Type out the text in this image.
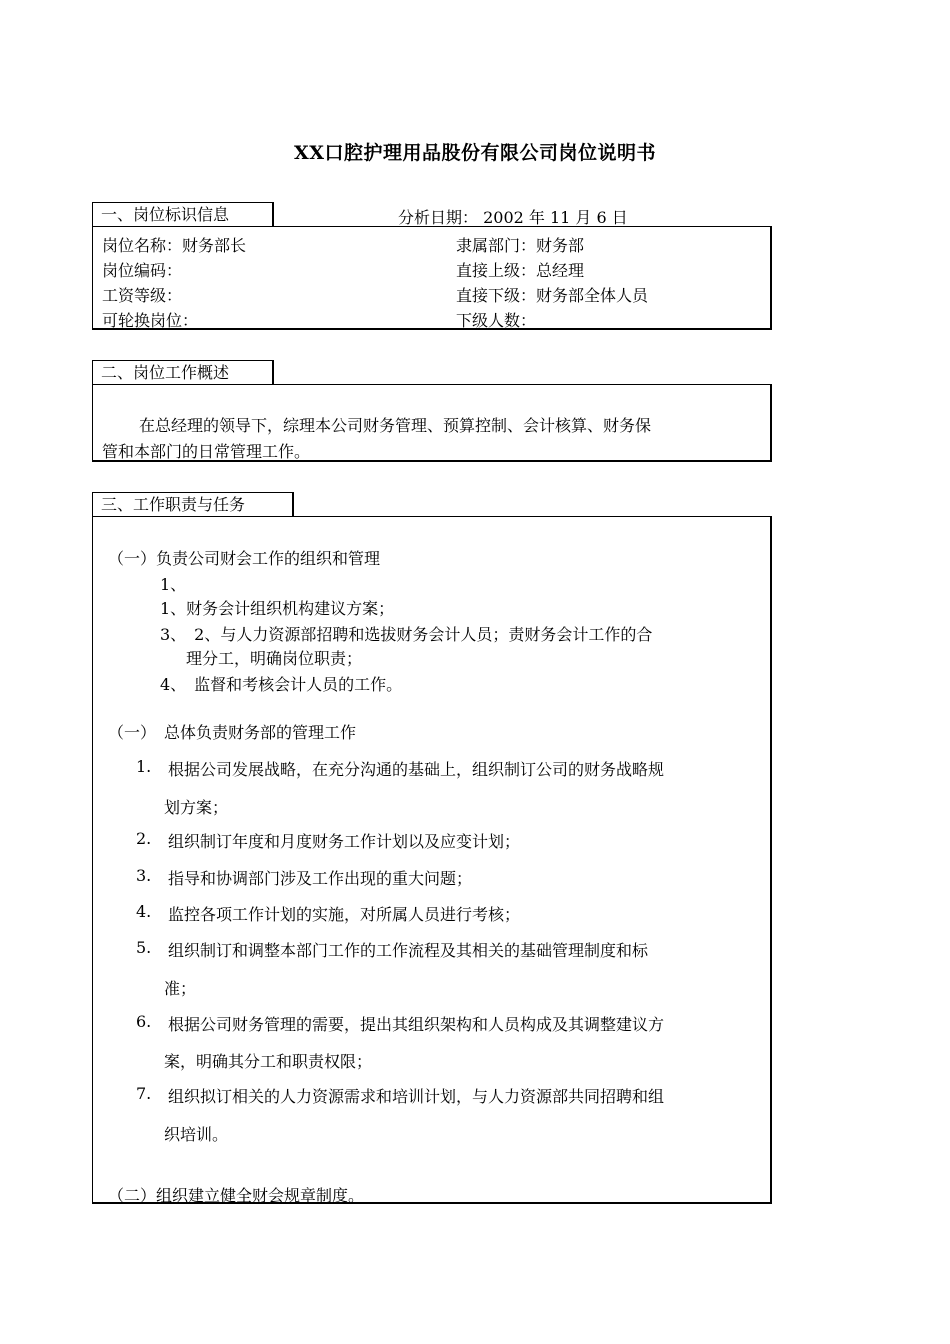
XX口腔护理用品股份有限公司岗位说明书
一、岗位标识信息	分析日期： 2002 年 11 月 6 日
岗位名称：财务部长	隶属部门：财务部
岗位编码：	直接上级：总经理
工资等级：	直接下级：财务部全体人员
可轮换岗位：	下级人数：
二、岗位工作概述
在总经理的领导下，综理本公司财务管理、预算控制、会计核算、财务保
管和本部门的日常管理工作。
三、工作职责与任务
（一）负责公司财会工作的组织和管理
1、
1、财务会计组织机构建议方案；
3、　2、与人力资源部招聘和选拔财务会计人员；责财务会计工作的合
理分工，明确岗位职责；
4、　监督和考核会计人员的工作。
（一）　总体负责财务部的管理工作
1. 根据公司发展战略，在充分沟通的基础上，组织制订公司的财务战略规
划方案；
2. 组织制订年度和月度财务工作计划以及应变计划；
3. 指导和协调部门涉及工作出现的重大问题；
4. 监控各项工作计划的实施，对所属人员进行考核；
5. 组织制订和调整本部门工作的工作流程及其相关的基础管理制度和标
准；
6. 根据公司财务管理的需要，提出其组织架构和人员构成及其调整建议方
案，明确其分工和职责权限；
7. 组织拟订相关的人力资源需求和培训计划，与人力资源部共同招聘和组
织培训。
（二）组织建立健全财会规章制度。
